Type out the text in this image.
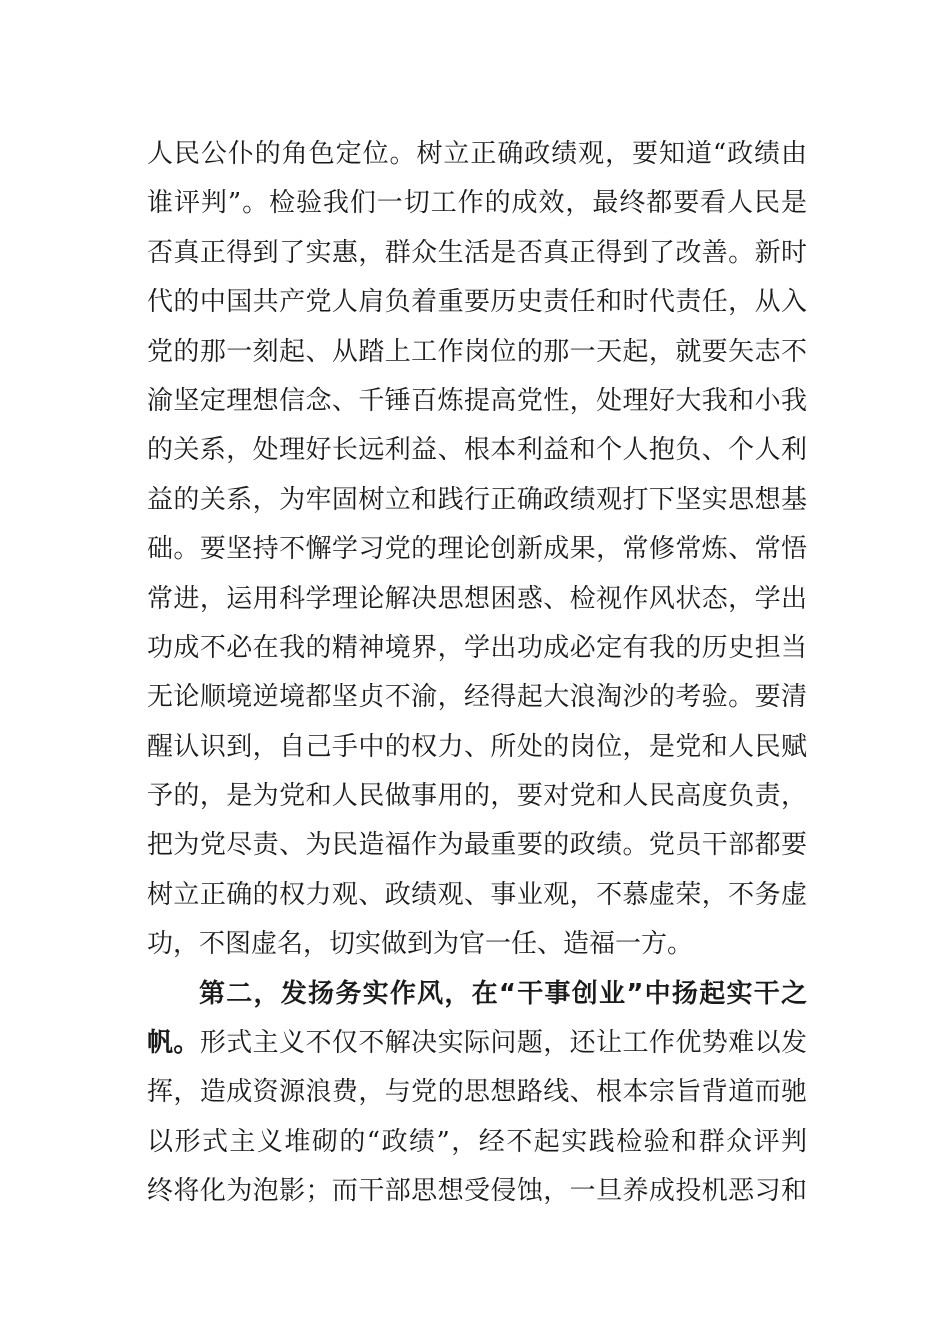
人民公仆的角色定位。树立正确政绩观，要知道“政绩由
谁评判”。检验我们一切工作的成效，最终都要看人民是
否真正得到了实惠，群众生活是否真正得到了改善。新时
代的中国共产党人肩负着重要历史责任和时代责任，从入
党的那一刻起、从踏上工作岗位的那一天起，就要矢志不
渝坚定理想信念、千锤百炼提高党性，处理好大我和小我
的关系，处理好长远利益、根本利益和个人抱负、个人利
益的关系，为牢固树立和践行正确政绩观打下坚实思想基
础。要坚持不懈学习党的理论创新成果，常修常炼、常悟
常进，运用科学理论解决思想困惑、检视作风状态，学出
功成不必在我的精神境界，学出功成必定有我的历史担当
无论顺境逆境都坚贞不渝，经得起大浪淘沙的考验。要清
醒认识到，自己手中的权力、所处的岗位，是党和人民赋
予的，是为党和人民做事用的，要对党和人民高度负责，
把为党尽责、为民造福作为最重要的政绩。党员干部都要
树立正确的权力观、政绩观、事业观，不慕虚荣，不务虚
功，不图虚名，切实做到为官一任、造福一方。
第二，发扬务实作风，在“干事创业”中扬起实干之
帆。形式主义不仅不解决实际问题，还让工作优势难以发
挥，造成资源浪费，与党的思想路线、根本宗旨背道而驰
以形式主义堆砌的“政绩”，经不起实践检验和群众评判
终将化为泡影；而干部思想受侵蚀，一旦养成投机恶习和
